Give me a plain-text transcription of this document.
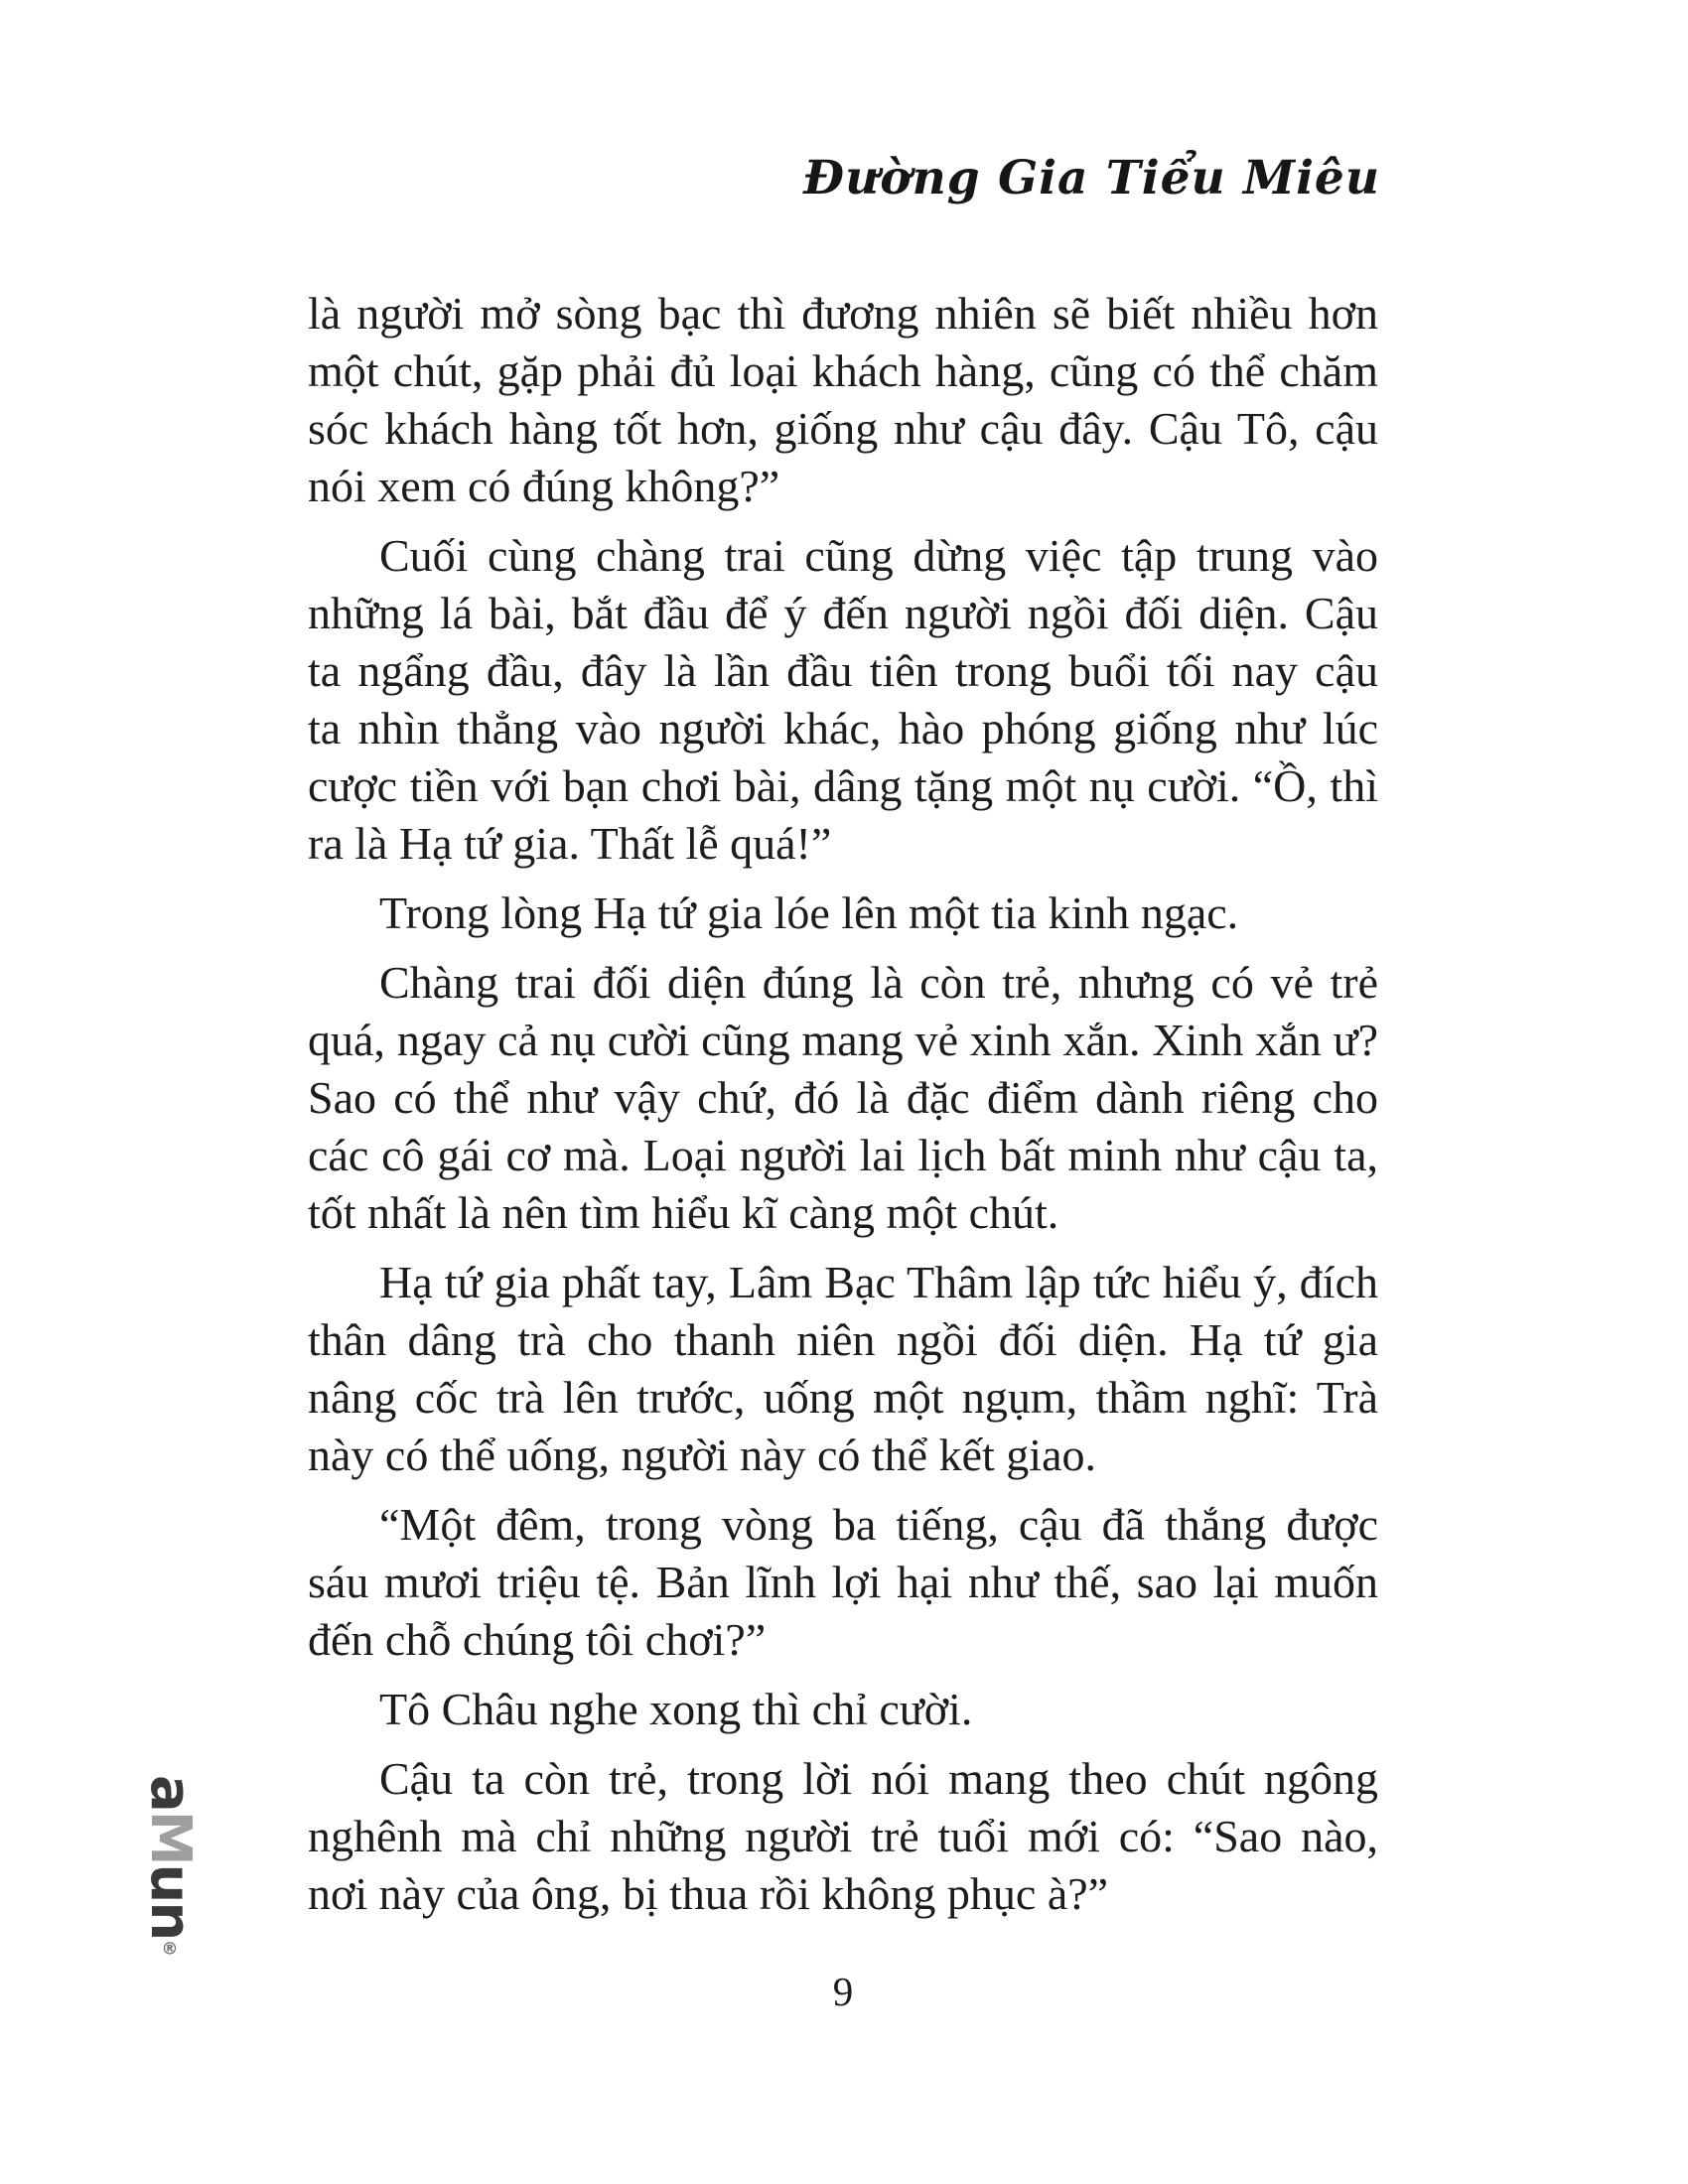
Đường Gia Tiểu Miêu
là người mở sòng bạc thì đương nhiên sẽ biết nhiều hơn
một chút, gặp phải đủ loại khách hàng, cũng có thể chăm
sóc khách hàng tốt hơn, giống như cậu đây. Cậu Tô, cậu
nói xem có đúng không?”
Cuối cùng chàng trai cũng dừng việc tập trung vào
những lá bài, bắt đầu để ý đến người ngồi đối diện. Cậu
ta ngẩng đầu, đây là lần đầu tiên trong buổi tối nay cậu
ta nhìn thẳng vào người khác, hào phóng giống như lúc
cược tiền với bạn chơi bài, dâng tặng một nụ cười. “Ồ, thì
ra là Hạ tứ gia. Thất lễ quá!”
Trong lòng Hạ tứ gia lóe lên một tia kinh ngạc.
Chàng trai đối diện đúng là còn trẻ, nhưng có vẻ trẻ
quá, ngay cả nụ cười cũng mang vẻ xinh xắn. Xinh xắn ư?
Sao có thể như vậy chứ, đó là đặc điểm dành riêng cho
các cô gái cơ mà. Loại người lai lịch bất minh như cậu ta,
tốt nhất là nên tìm hiểu kĩ càng một chút.
Hạ tứ gia phất tay, Lâm Bạc Thâm lập tức hiểu ý, đích
thân dâng trà cho thanh niên ngồi đối diện. Hạ tứ gia
nâng cốc trà lên trước, uống một ngụm, thầm nghĩ: Trà
này có thể uống, người này có thể kết giao.
“Một đêm, trong vòng ba tiếng, cậu đã thắng được
sáu mươi triệu tệ. Bản lĩnh lợi hại như thế, sao lại muốn
đến chỗ chúng tôi chơi?”
Tô Châu nghe xong thì chỉ cười.
Cậu ta còn trẻ, trong lời nói mang theo chút ngông
nghênh mà chỉ những người trẻ tuổi mới có: “Sao nào,
nơi này của ông, bị thua rồi không phục à?”
aMun®
9
